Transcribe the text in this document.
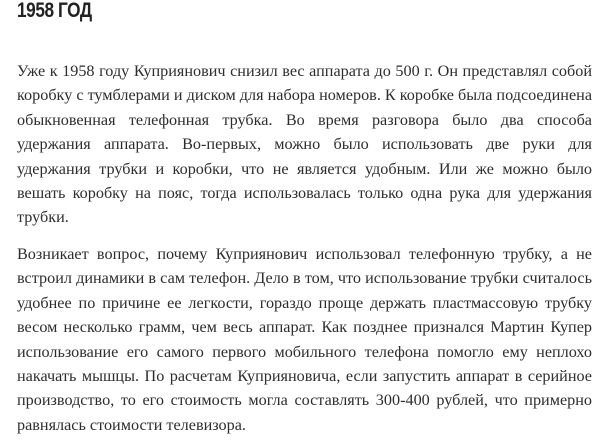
1958 ГОД

Уже к 1958 году Куприянович снизил вес аппарата до 500 г. Он представлял собой коробку с тумблерами и диском для набора номеров. К коробке была подсоединена обыкновенная телефонная трубка. Во время разговора было два способа удержания аппарата. Во-первых, можно было использовать две руки для удержания трубки и коробки, что не является удобным. Или же можно было вешать коробку на пояс, тогда использовалась только одна рука для удержания трубки.

Возникает вопрос, почему Куприянович использовал телефонную трубку, а не встроил динамики в сам телефон. Дело в том, что использование трубки считалось удобнее по причине ее легкости, гораздо проще держать пластмассовую трубку весом несколько грамм, чем весь аппарат. Как позднее признался Мартин Купер использование его самого первого мобильного телефона помогло ему неплохо накачать мышцы. По расчетам Куприяновича, если запустить аппарат в серийное производство, то его стоимость могла составлять 300-400 рублей, что примерно равнялась стоимости телевизора.
